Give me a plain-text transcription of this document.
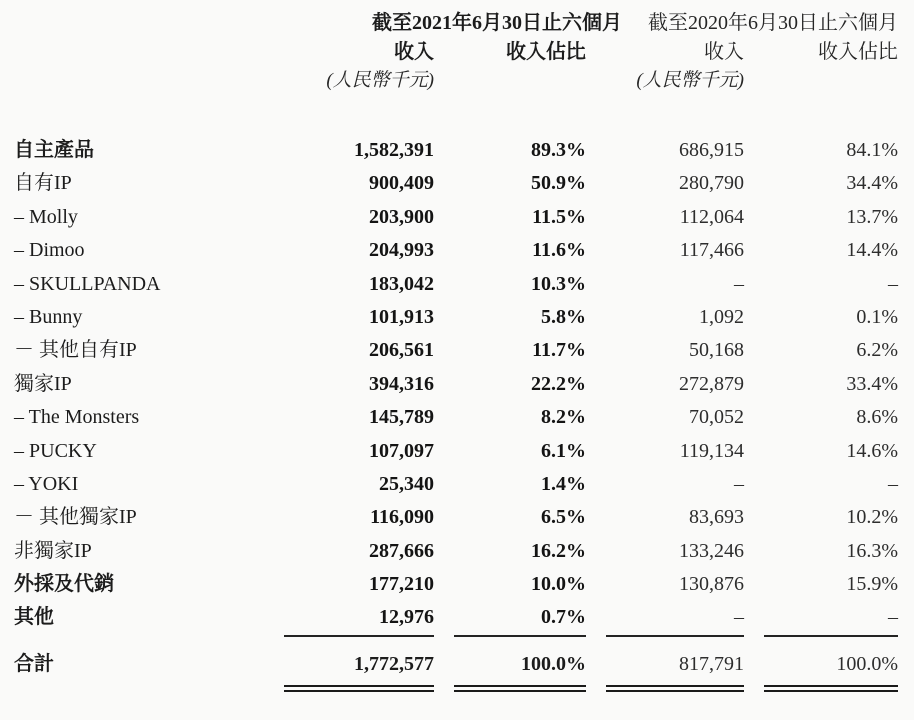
截至2021年6月30日止六個月	截至2020年6月30日止六個月
收入	收入佔比	收入	收入佔比
(人民幣千元)	(人民幣千元)
自主產品	1,582,391	89.3%	686,915	84.1%
自有IP	900,409	50.9%	280,790	34.4%
– Molly	203,900	11.5%	112,064	13.7%
– Dimoo	204,993	11.6%	117,466	14.4%
– SKULLPANDA	183,042	10.3%	–	–
– Bunny	101,913	5.8%	1,092	0.1%
－ 其他自有IP	206,561	11.7%	50,168	6.2%
獨家IP	394,316	22.2%	272,879	33.4%
– The Monsters	145,789	8.2%	70,052	8.6%
– PUCKY	107,097	6.1%	119,134	14.6%
– YOKI	25,340	1.4%	–	–
－ 其他獨家IP	116,090	6.5%	83,693	10.2%
非獨家IP	287,666	16.2%	133,246	16.3%
外採及代銷	177,210	10.0%	130,876	15.9%
其他	12,976	0.7%	–	–
合計	1,772,577	100.0%	817,791	100.0%
